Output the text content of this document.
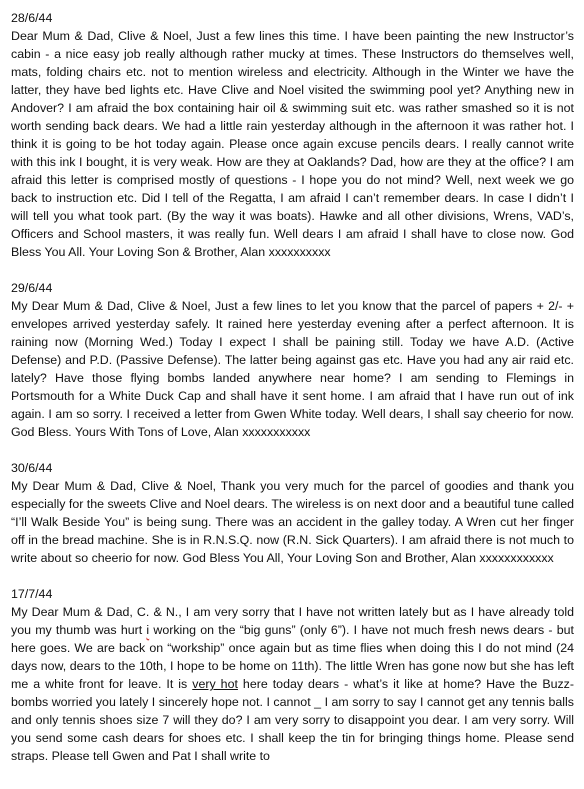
28/6/44

Dear Mum & Dad, Clive & Noel, Just a few lines this time. I have been painting the new Instructor’s cabin - a nice easy job really although rather mucky at times. These Instructors do themselves well, mats, folding chairs etc. not to mention wireless and electricity. Although in the Winter we have the latter, they have bed lights etc. Have Clive and Noel visited the swimming pool yet? Anything new in Andover? I am afraid the box containing hair oil & swimming suit etc. was rather smashed so it is not worth sending back dears. We had a little rain yesterday although in the afternoon it was rather hot. I think it is going to be hot today again. Please once again excuse pencils dears. I really cannot write with this ink I bought, it is very weak. How are they at Oaklands? Dad, how are they at the office? I am afraid this letter is comprised mostly of questions - I hope you do not mind? Well, next week we go back to instruction etc. Did I tell of the Regatta, I am afraid I can’t remember dears. In case I didn’t I will tell you what took part. (By the way it was boats). Hawke and all other divisions, Wrens, VAD’s, Officers and School masters, it was really fun. Well dears I am afraid I shall have to close now. God Bless You All. Your Loving Son & Brother, Alan xxxxxxxxxx

29/6/44

My Dear Mum & Dad, Clive & Noel, Just a few lines to let you know that the parcel of papers + 2/- + envelopes arrived yesterday safely. It rained here yesterday evening after a perfect afternoon. It is raining now (Morning Wed.) Today I expect I shall be paining still. Today we have A.D. (Active Defense) and P.D. (Passive Defense). The latter being against gas etc. Have you had any air raid etc. lately? Have those flying bombs landed anywhere near home? I am sending to Flemings in Portsmouth for a White Duck Cap and shall have it sent home. I am afraid that I have run out of ink again. I am so sorry. I received a letter from Gwen White today. Well dears, I shall say cheerio for now. God Bless. Yours With Tons of Love, Alan xxxxxxxxxxx

30/6/44

My Dear Mum & Dad, Clive & Noel, Thank you very much for the parcel of goodies and thank you especially for the sweets Clive and Noel dears. The wireless is on next door and a beautiful tune called “I’ll Walk Beside You” is being sung. There was an accident in the galley today. A Wren cut her finger off in the bread machine. She is in R.N.S.Q. now (R.N. Sick Quarters). I am afraid there is not much to write about so cheerio for now. God Bless You All, Your Loving Son and Brother, Alan xxxxxxxxxxxx

17/7/44

My Dear Mum & Dad, C. & N., I am very sorry that I have not written lately but as I have already told you my thumb was hurt i working on the “big guns” (only 6”). I have not much fresh news dears - but here goes. We are back on “workship” once again but as time flies when doing this I do not mind (24 days now, dears to the 10th, I hope to be home on 11th). The little Wren has gone now but she has left me a white front for leave. It is very hot here today dears - what’s it like at home? Have the Buzz-bombs worried you lately I sincerely hope not. I cannot _ I am sorry to say I cannot get any tennis balls and only tennis shoes size 7 will they do? I am very sorry to disappoint you dear. I am very sorry. Will you send some cash dears for shoes etc. I shall keep the tin for bringing things home. Please send straps. Please tell Gwen and Pat I shall write to
